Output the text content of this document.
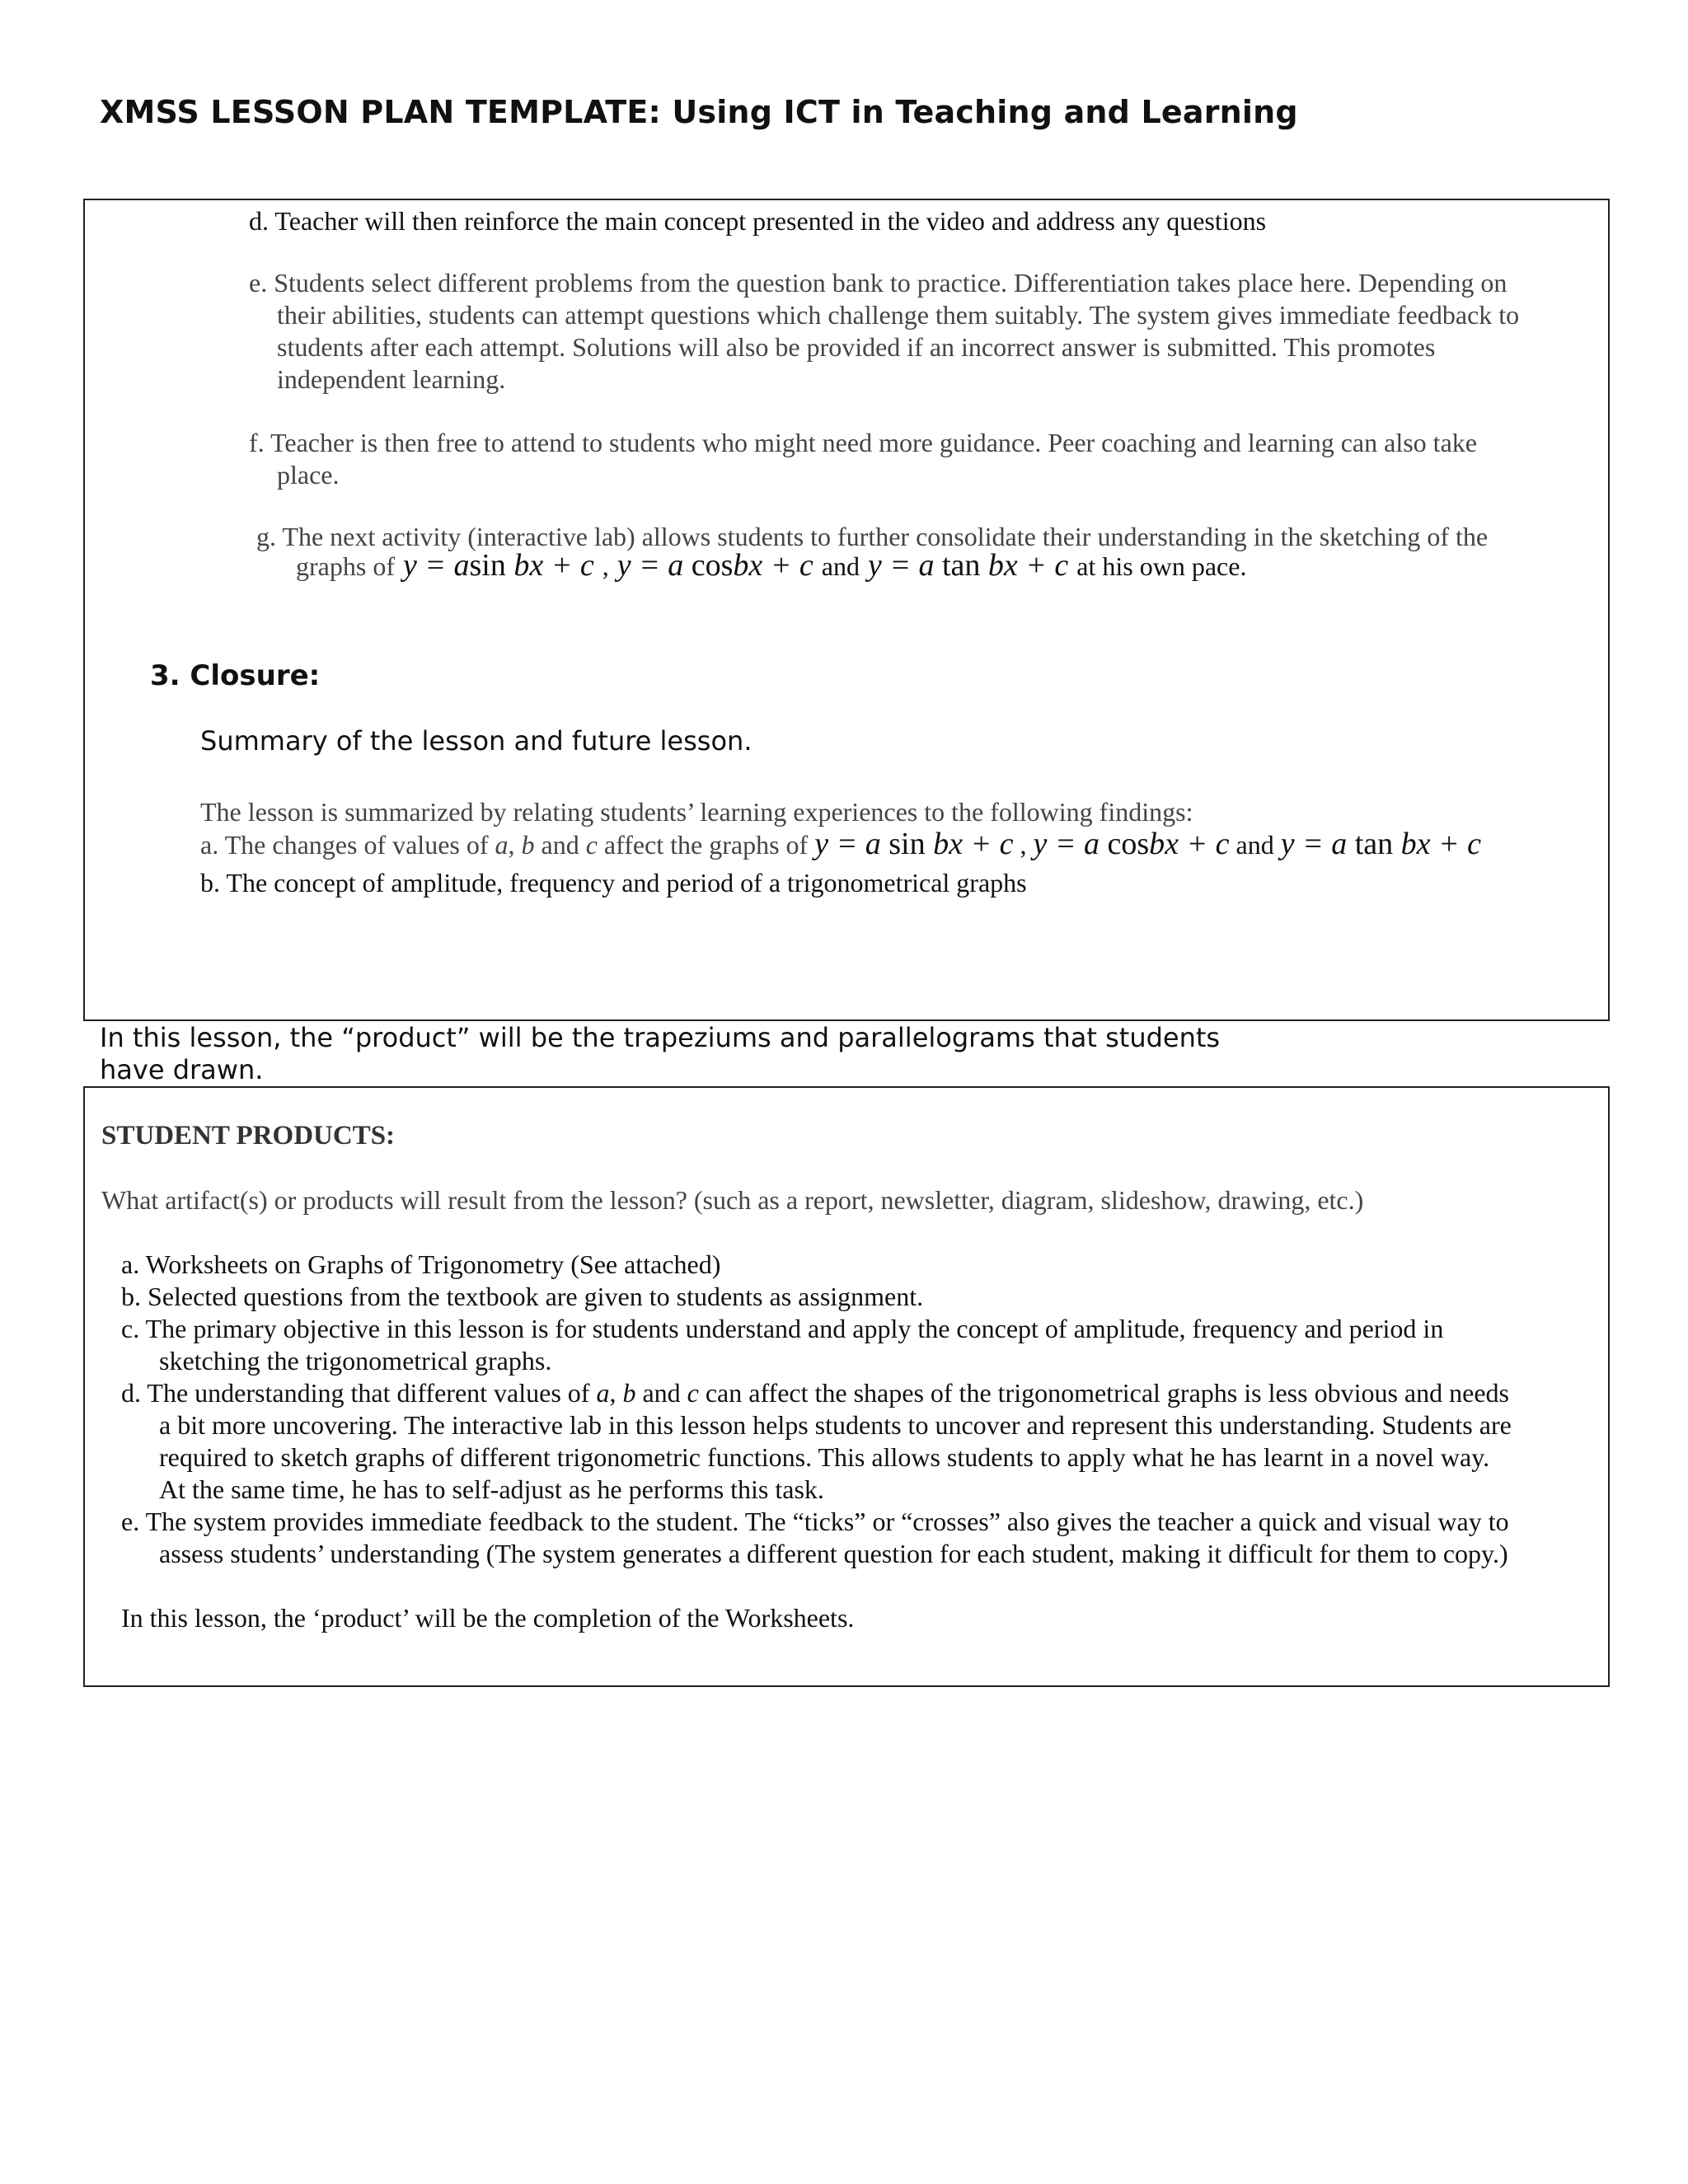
XMSS LESSON PLAN TEMPLATE: Using ICT in Teaching and Learning
d. Teacher will then reinforce the main concept presented in the video and address any questions
e. Students select different problems from the question bank to practice. Differentiation takes place here. Depending on
their abilities, students can attempt questions which challenge them suitably. The system gives immediate feedback to
students after each attempt. Solutions will also be provided if an incorrect answer is submitted. This promotes
independent learning.
f. Teacher is then free to attend to students who might need more guidance. Peer coaching and learning can also take
place.
g. The next activity (interactive lab) allows students to further consolidate their understanding in the sketching of the
graphs of y = asin bx + c , y = a cosbx + c and y = a tan bx + c at his own pace.
3. Closure:
Summary of the lesson and future lesson.
The lesson is summarized by relating students’ learning experiences to the following findings:
a. The changes of values of a, b and c affect the graphs of y = a sin bx + c , y = a cosbx + c and y = a tan bx + c
b. The concept of amplitude, frequency and period of a trigonometrical graphs
In this lesson, the “product” will be the trapeziums and parallelograms that students have drawn.
STUDENT PRODUCTS:
What artifact(s) or products will result from the lesson? (such as a report, newsletter, diagram, slideshow, drawing, etc.)
a. Worksheets on Graphs of Trigonometry (See attached)
b. Selected questions from the textbook are given to students as assignment.
c. The primary objective in this lesson is for students understand and apply the concept of amplitude, frequency and period in
sketching the trigonometrical graphs.
d. The understanding that different values of a, b and c can affect the shapes of the trigonometrical graphs is less obvious and needs
a bit more uncovering. The interactive lab in this lesson helps students to uncover and represent this understanding. Students are
required to sketch graphs of different trigonometric functions. This allows students to apply what he has learnt in a novel way.
At the same time, he has to self-adjust as he performs this task.
e. The system provides immediate feedback to the student. The “ticks” or “crosses” also gives the teacher a quick and visual way to
assess students’ understanding (The system generates a different question for each student, making it difficult for them to copy.)
In this lesson, the ‘product’ will be the completion of the Worksheets.
